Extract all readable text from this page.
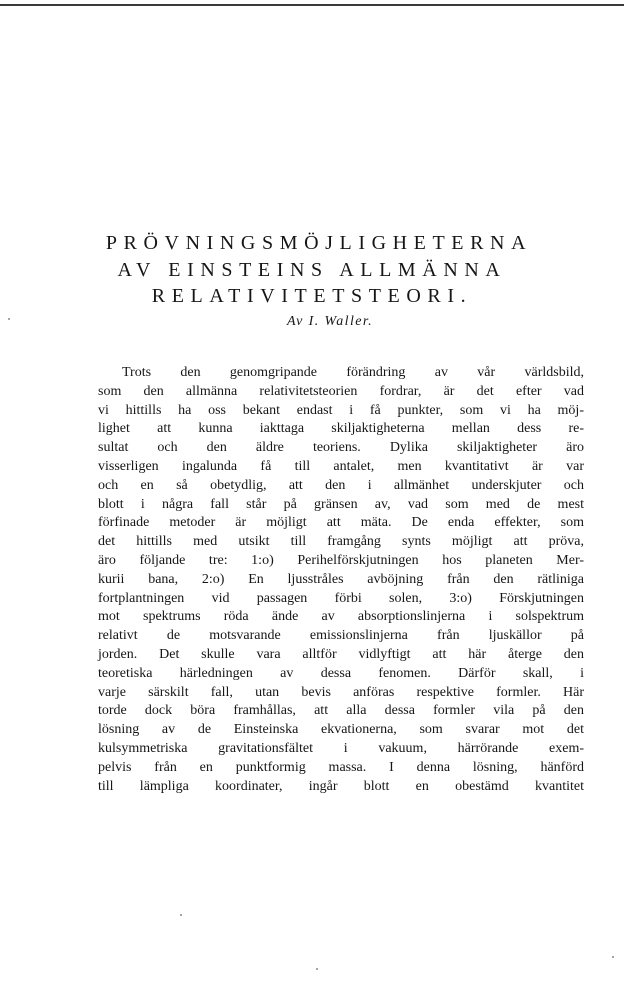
PRÖVNINGSMÖJLIGHETERNA
AV EINSTEINS ALLMÄNNA
RELATIVITETSTEORI.
Av I. Waller.
Trots den genomgripande förändring av vår världsbild,
som den allmänna relativitetsteorien fordrar, är det efter vad
vi hittills ha oss bekant endast i få punkter, som vi ha möj-
lighet att kunna iakttaga skiljaktigheterna mellan dess re-
sultat och den äldre teoriens. Dylika skiljaktigheter äro
visserligen ingalunda få till antalet, men kvantitativt är var
och en så obetydlig, att den i allmänhet underskjuter och
blott i några fall står på gränsen av, vad som med de mest
förfinade metoder är möjligt att mäta. De enda effekter, som
det hittills med utsikt till framgång synts möjligt att pröva,
äro följande tre: 1:o) Perihelförskjutningen hos planeten Mer-
kurii bana, 2:o) En ljusstråles avböjning från den rätliniga
fortplantningen vid passagen förbi solen, 3:o) Förskjutningen
mot spektrums röda ände av absorptionslinjerna i solspektrum
relativt de motsvarande emissionslinjerna från ljuskällor på
jorden. Det skulle vara alltför vidlyftigt att här återge den
teoretiska härledningen av dessa fenomen. Därför skall, i
varje särskilt fall, utan bevis anföras respektive formler. Här
torde dock böra framhållas, att alla dessa formler vila på den
lösning av de Einsteinska ekvationerna, som svarar mot det
kulsymmetriska gravitationsfältet i vakuum, härrörande exem-
pelvis från en punktformig massa. I denna lösning, hänförd
till lämpliga koordinater, ingår blott en obestämd kvantitet
